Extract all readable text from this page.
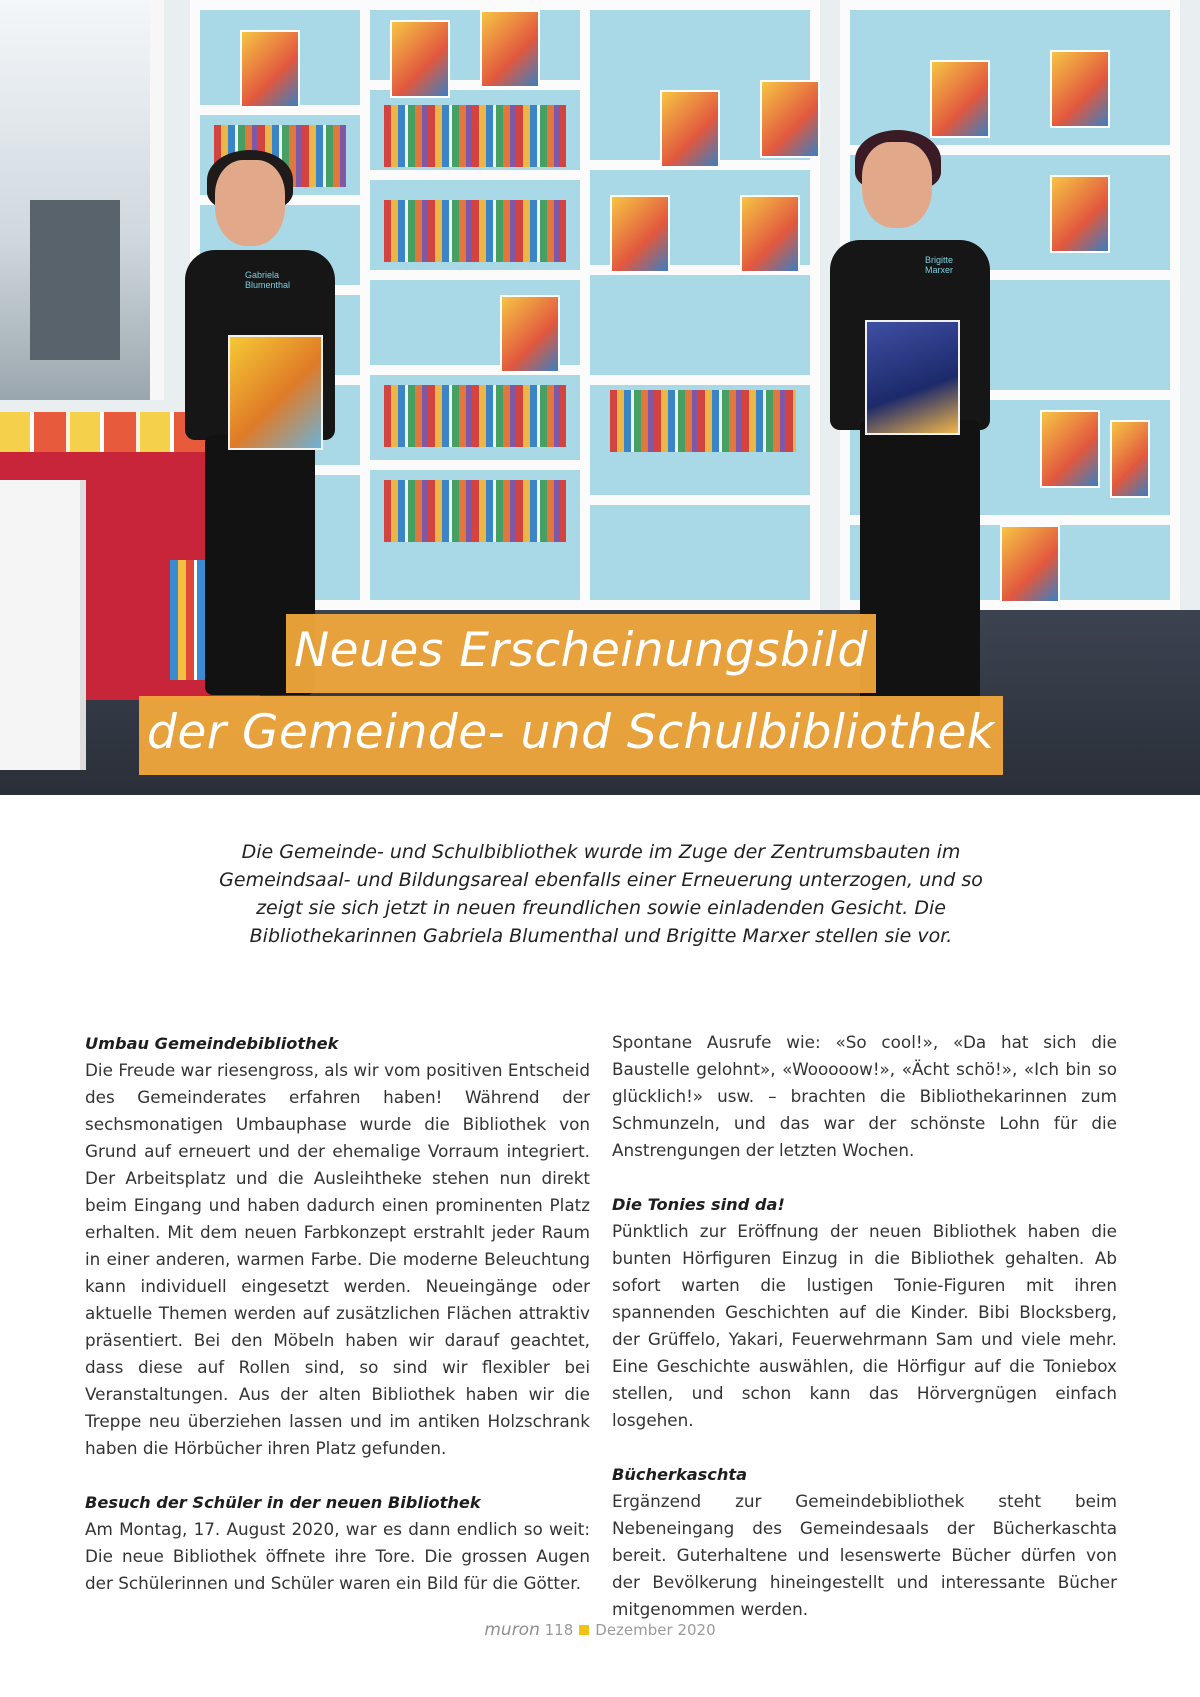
Gabriela Blumenthal
Brigitte Marxer
Neues Erscheinungsbild
der Gemeinde- und Schulbibliothek
Die Gemeinde- und Schulbibliothek wurde im Zuge der Zentrumsbauten im Gemeindsaal- und Bildungsareal ebenfalls einer Erneuerung unterzogen, und so zeigt sie sich jetzt in neuen freundlichen sowie einladenden Gesicht. Die Bibliothekarinnen Gabriela Blumenthal und Brigitte Marxer stellen sie vor.
Umbau Gemeindebibliothek
Die Freude war riesengross, als wir vom positiven Entscheid des Gemeinderates erfahren haben! Während der sechsmonatigen Umbauphase wurde die Bibliothek von Grund auf erneuert und der ehemalige Vorraum integriert. Der Arbeitsplatz und die Ausleihtheke stehen nun direkt beim Eingang und haben dadurch einen prominenten Platz erhalten. Mit dem neuen Farbkonzept erstrahlt jeder Raum in einer anderen, warmen Farbe. Die moderne Beleuchtung kann individuell eingesetzt werden. Neueingänge oder aktuelle Themen werden auf zusätzlichen Flächen attraktiv präsentiert. Bei den Möbeln haben wir darauf geachtet, dass diese auf Rollen sind, so sind wir flexibler bei Veranstaltungen. Aus der alten Bibliothek haben wir die Treppe neu überziehen lassen und im antiken Holzschrank haben die Hörbücher ihren Platz gefunden.
Besuch der Schüler in der neuen Bibliothek
Am Montag, 17. August 2020, war es dann endlich so weit: Die neue Bibliothek öffnete ihre Tore. Die grossen Augen der Schülerinnen und Schüler waren ein Bild für die Götter.
Spontane Ausrufe wie: «So cool!», «Da hat sich die Baustelle gelohnt», «Wooooow!», «Ächt schö!», «Ich bin so glücklich!» usw. – brachten die Bibliothekarinnen zum Schmunzeln, und das war der schönste Lohn für die Anstrengungen der letzten Wochen.
Die Tonies sind da!
Pünktlich zur Eröffnung der neuen Bibliothek haben die bunten Hörfiguren Einzug in die Bibliothek gehalten. Ab sofort warten die lustigen Tonie-Figuren mit ihren spannenden Geschichten auf die Kinder. Bibi Blocksberg, der Grüffelo, Yakari, Feuerwehrmann Sam und viele mehr. Eine Geschichte auswählen, die Hörfigur auf die Toniebox stellen, und schon kann das Hörvergnügen einfach losgehen.
Bücherkaschta
Ergänzend zur Gemeindebibliothek steht beim Nebeneingang des Gemeindesaals der Bücherkaschta bereit. Guterhaltene und lesenswerte Bücher dürfen von der Bevölkerung hineingestellt und interessante Bücher mitgenommen werden.
muron 118 Dezember 2020
